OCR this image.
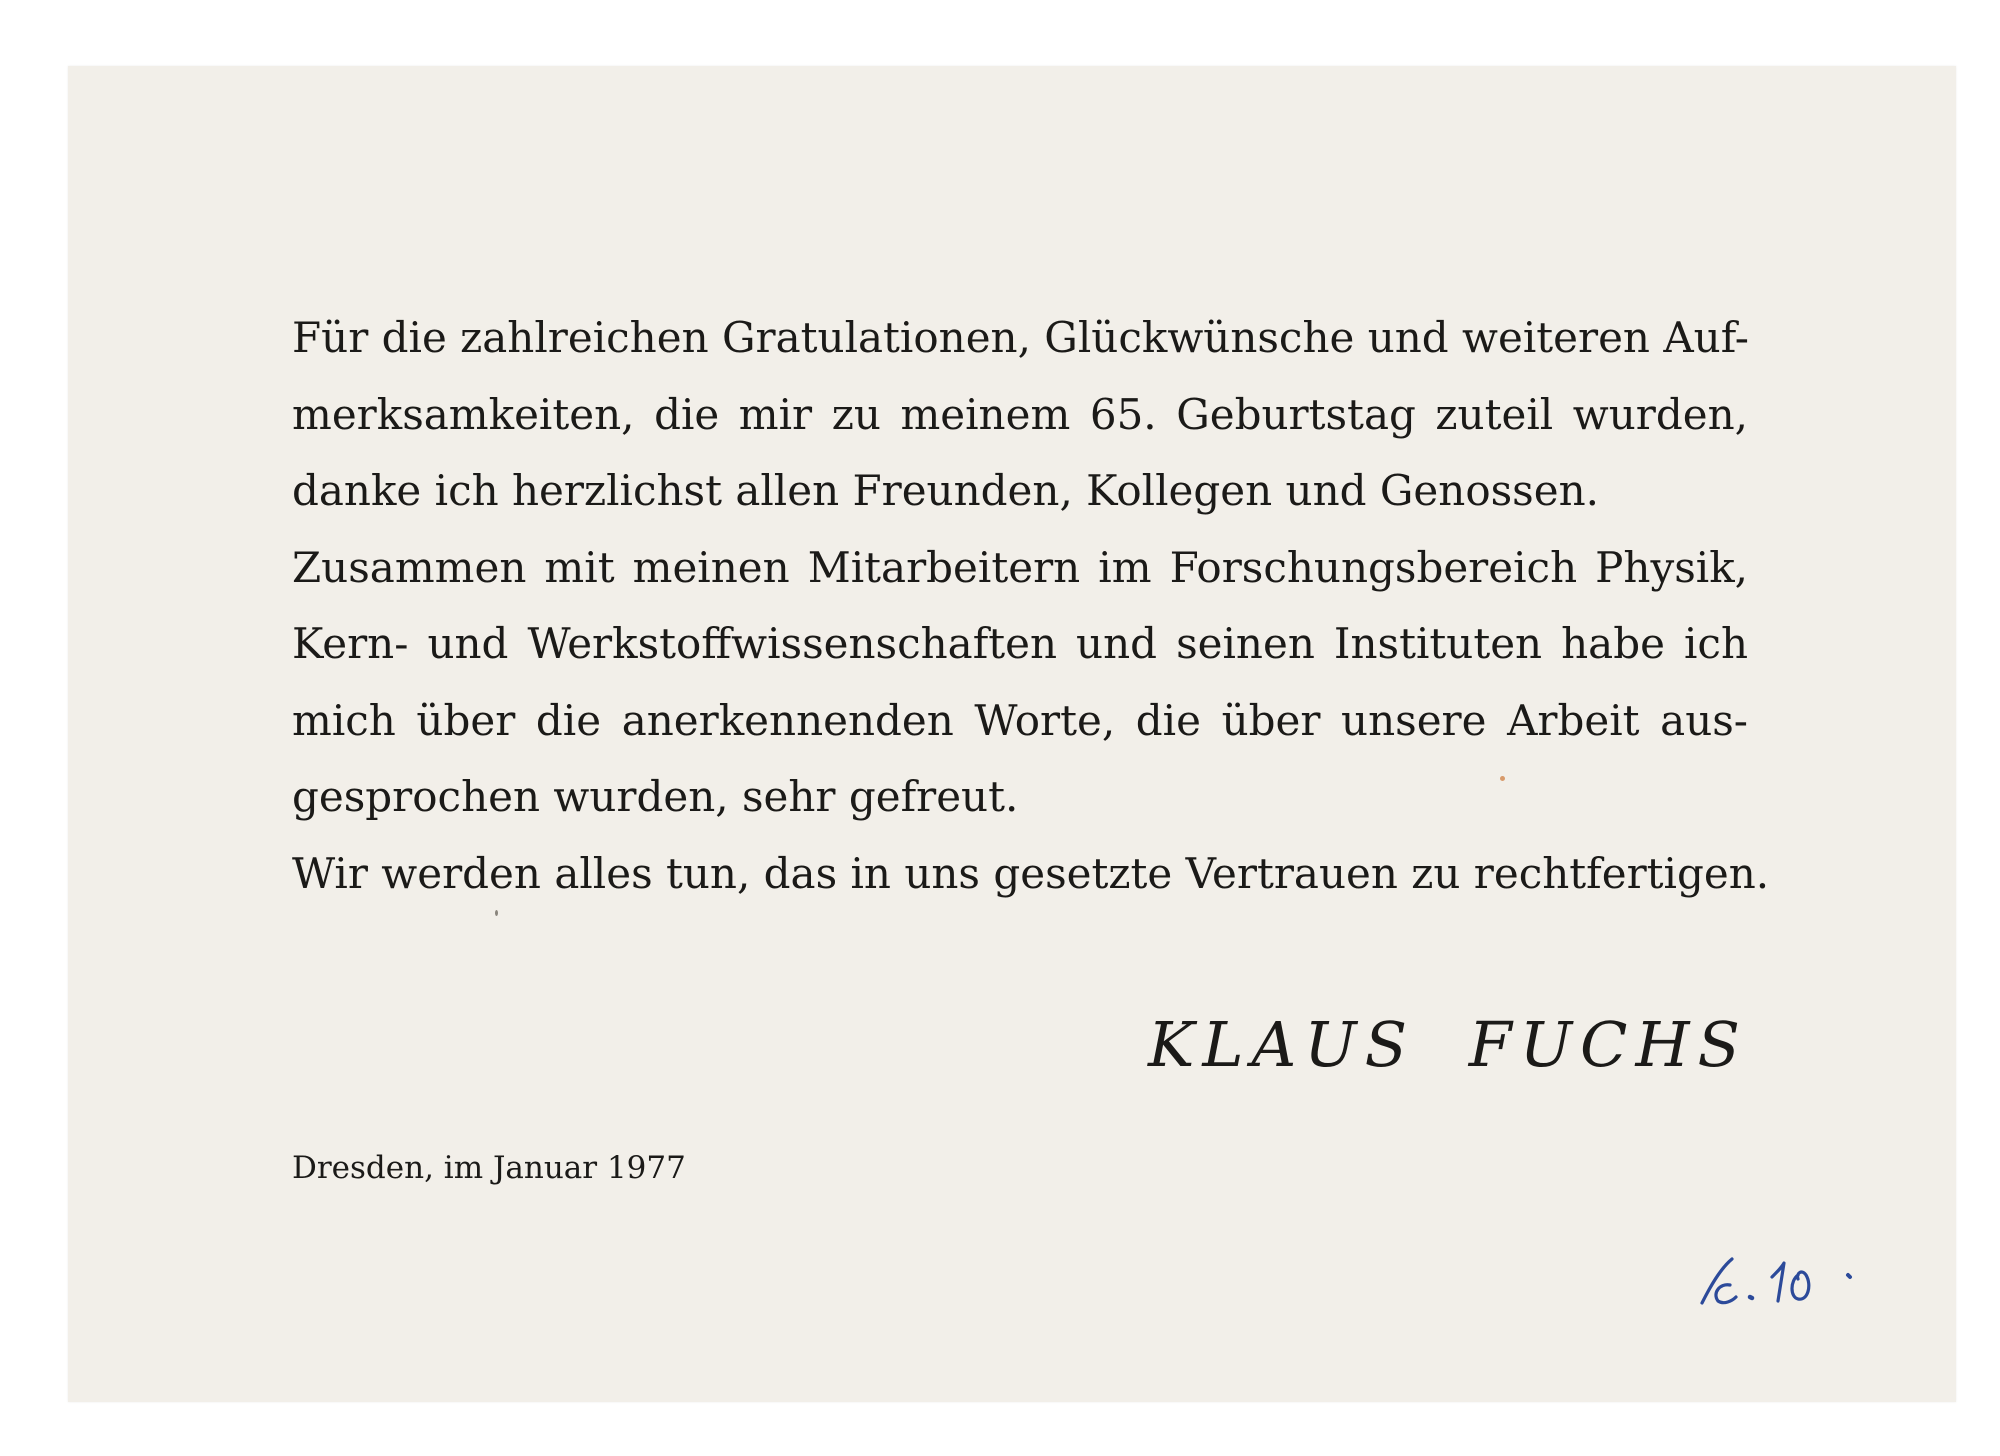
Für die zahlreichen Gratulationen, Glückwünsche und weiteren Auf-
merksamkeiten, die mir zu meinem 65. Geburtstag zuteil wurden,
danke ich herzlichst allen Freunden, Kollegen und Genossen.
Zusammen mit meinen Mitarbeitern im Forschungsbereich Physik,
Kern- und Werkstoffwissenschaften und seinen Instituten habe ich
mich über die anerkennenden Worte, die über unsere Arbeit aus-
gesprochen wurden, sehr gefreut.
Wir werden alles tun, das in uns gesetzte Vertrauen zu rechtfertigen.
KLAUS FUCHS
Dresden, im Januar 1977
